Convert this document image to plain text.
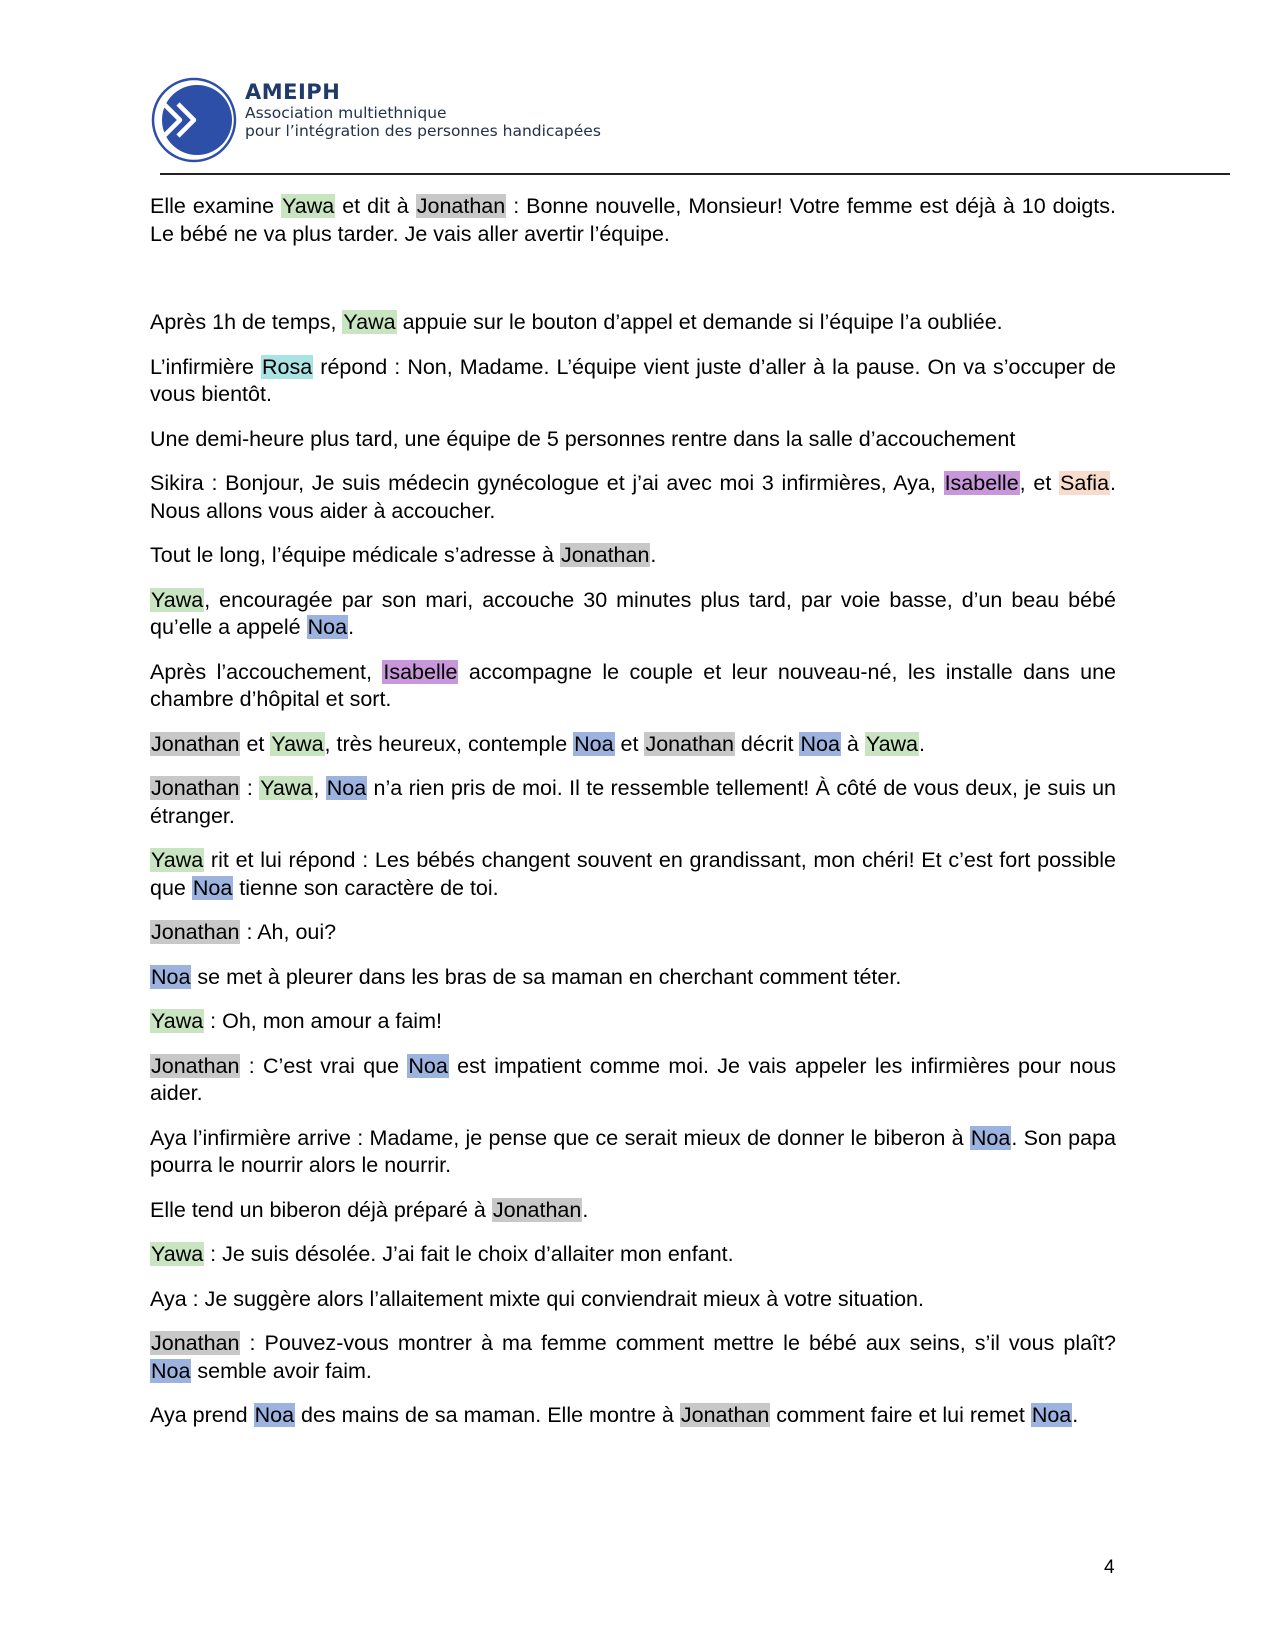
AMEIPH
Association multiethnique
pour l’intégration des personnes handicapées

Elle examine Yawa et dit à Jonathan : Bonne nouvelle, Monsieur! Votre femme est déjà à 10 doigts. Le bébé ne va plus tarder. Je vais aller avertir l’équipe.

Après 1h de temps, Yawa appuie sur le bouton d’appel et demande si l’équipe l’a oubliée.

L’infirmière Rosa répond : Non, Madame. L’équipe vient juste d’aller à la pause. On va s’occuper de vous bientôt.

Une demi-heure plus tard, une équipe de 5 personnes rentre dans la salle d’accouchement

Sikira : Bonjour, Je suis médecin gynécologue et j’ai avec moi 3 infirmières, Aya, Isabelle, et Safia. Nous allons vous aider à accoucher.

Tout le long, l’équipe médicale s’adresse à Jonathan.

Yawa, encouragée par son mari, accouche 30 minutes plus tard, par voie basse, d’un beau bébé qu’elle a appelé Noa.

Après l’accouchement, Isabelle accompagne le couple et leur nouveau-né, les installe dans une chambre d’hôpital et sort.

Jonathan et Yawa, très heureux, contemple Noa et Jonathan décrit Noa à Yawa.

Jonathan : Yawa, Noa n’a rien pris de moi. Il te ressemble tellement! À côté de vous deux, je suis un étranger.

Yawa rit et lui répond : Les bébés changent souvent en grandissant, mon chéri! Et c’est fort possible que Noa tienne son caractère de toi.

Jonathan : Ah, oui?

Noa se met à pleurer dans les bras de sa maman en cherchant comment téter.

Yawa : Oh, mon amour a faim!

Jonathan : C’est vrai que Noa est impatient comme moi. Je vais appeler les infirmières pour nous aider.

Aya l’infirmière arrive : Madame, je pense que ce serait mieux de donner le biberon à Noa. Son papa pourra le nourrir alors le nourrir.

Elle tend un biberon déjà préparé à Jonathan.

Yawa : Je suis désolée. J’ai fait le choix d’allaiter mon enfant.

Aya : Je suggère alors l’allaitement mixte qui conviendrait mieux à votre situation.

Jonathan : Pouvez-vous montrer à ma femme comment mettre le bébé aux seins, s’il vous plaît? Noa semble avoir faim.

Aya prend Noa des mains de sa maman. Elle montre à Jonathan comment faire et lui remet Noa.

4
